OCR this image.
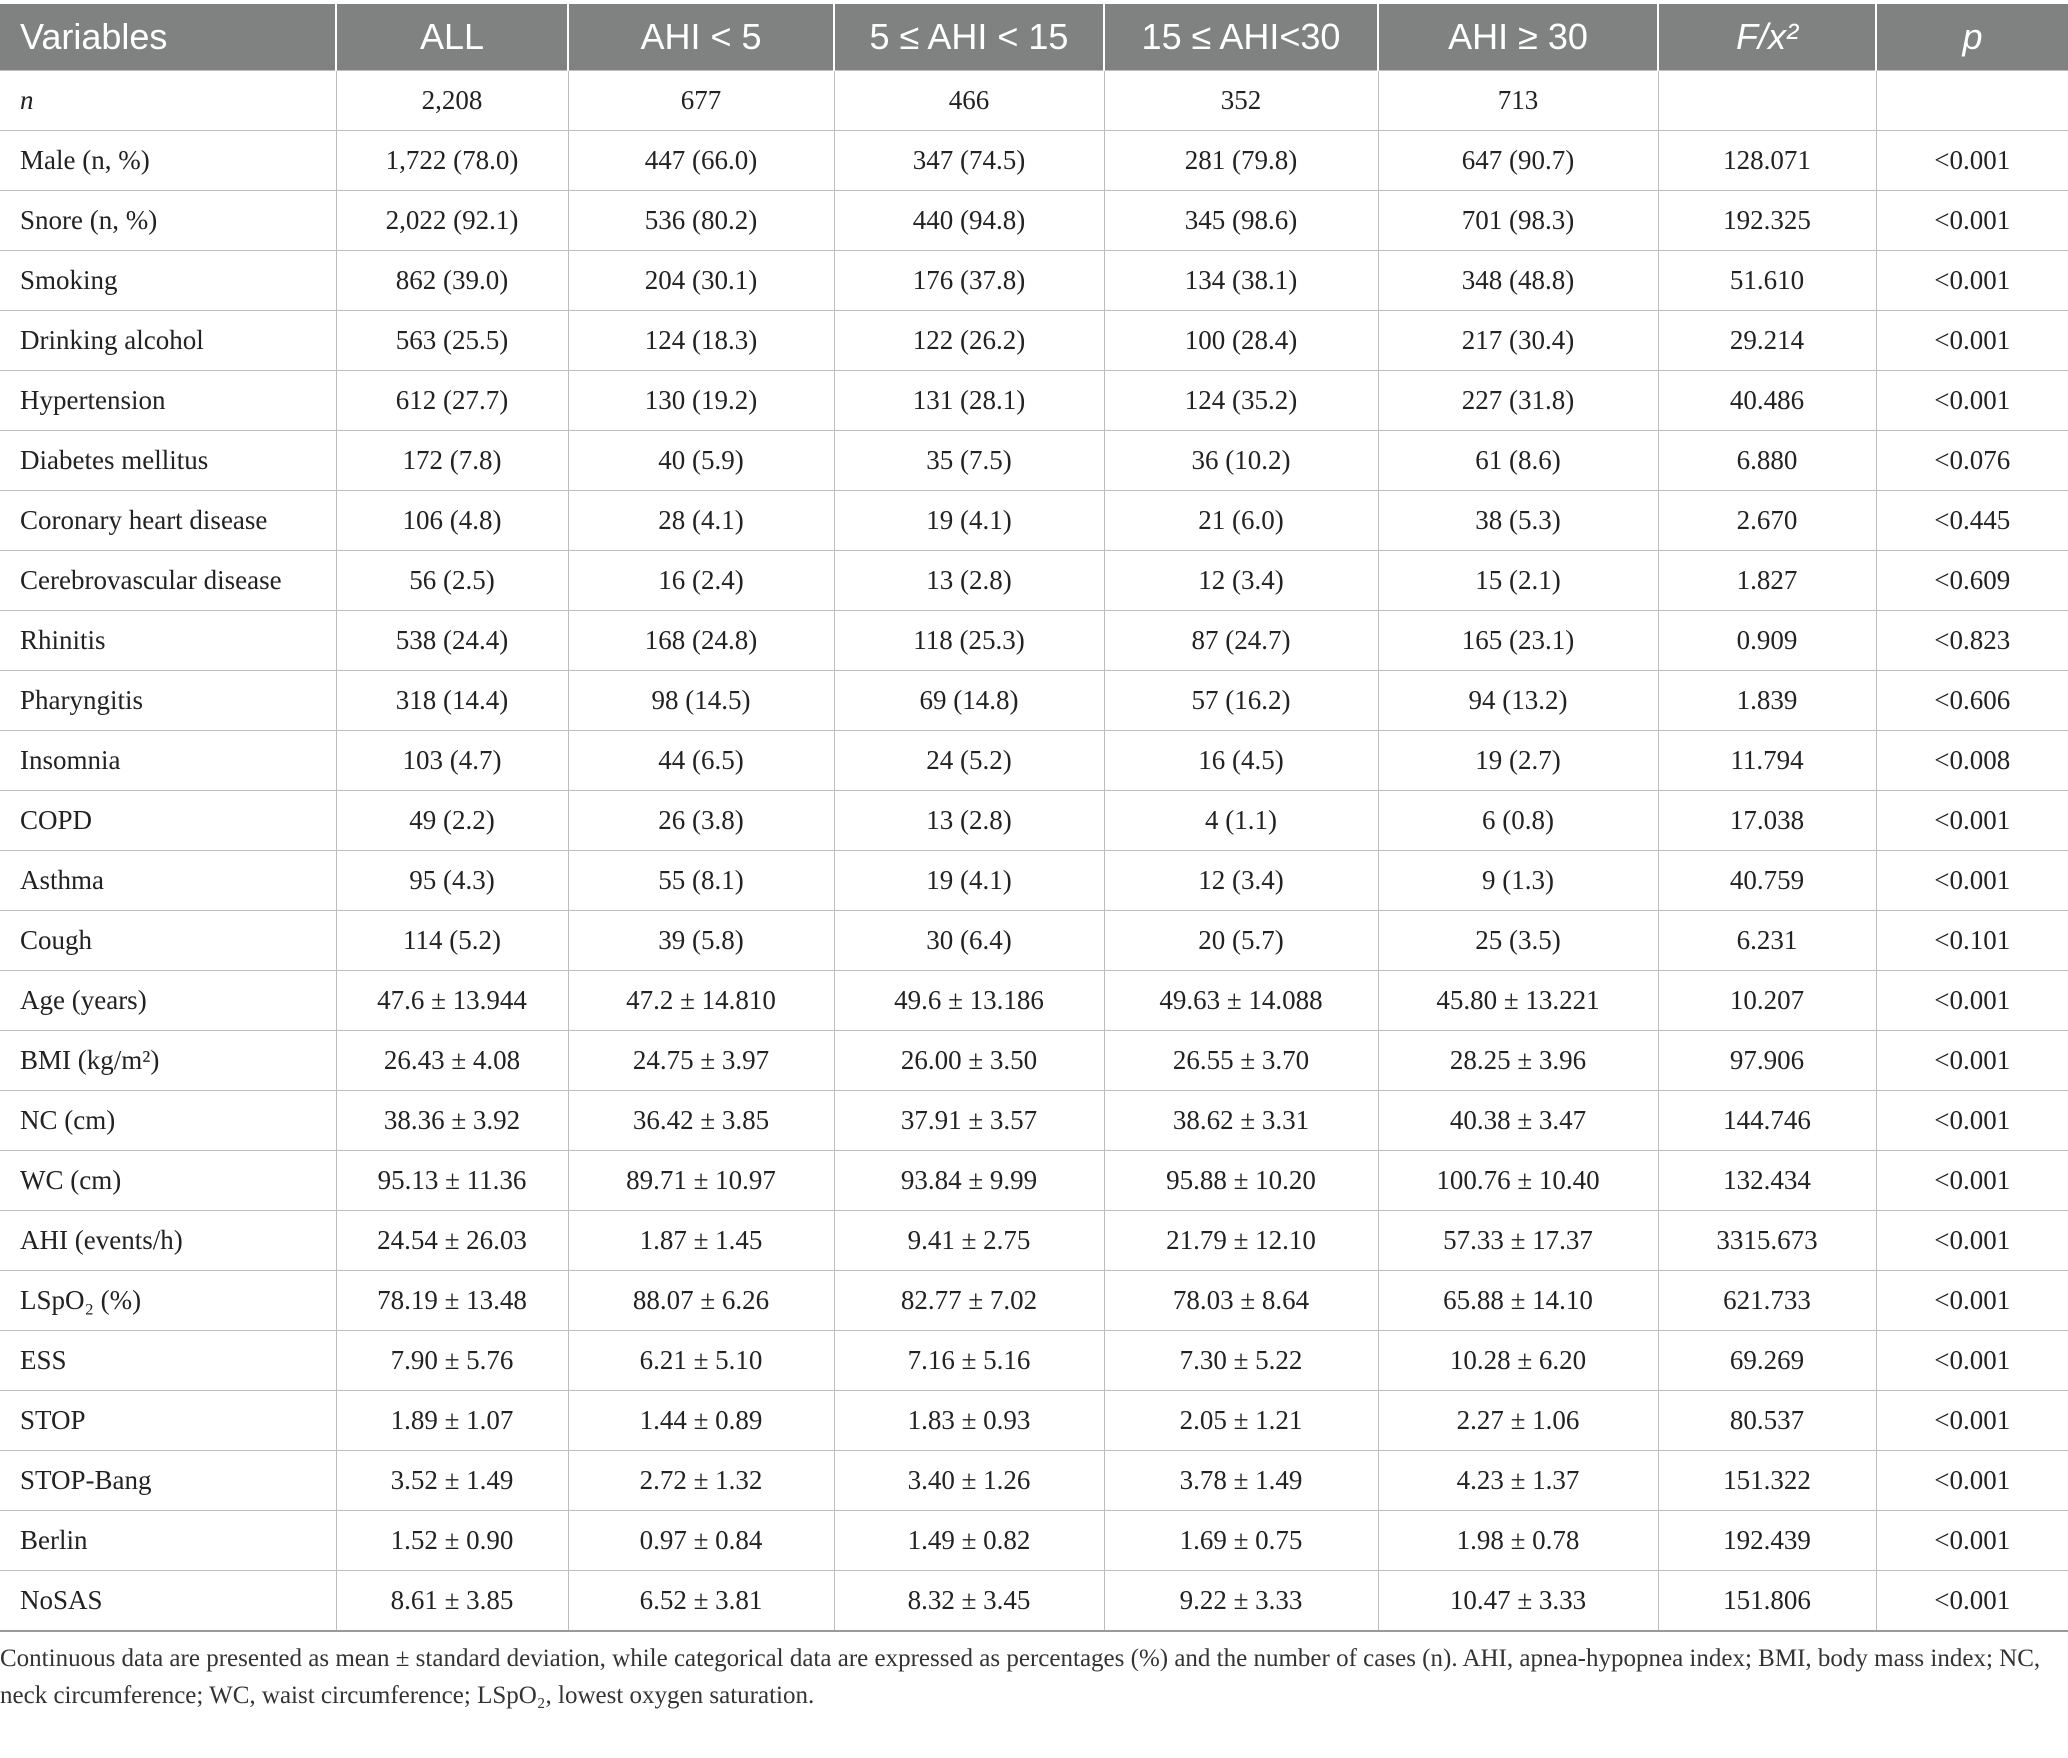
Variables	ALL	AHI < 5	5 ≤ AHI < 15	15 ≤ AHI<30	AHI ≥ 30	F/x²	p
n	2,208	677	466	352	713		
Male (n, %)	1,722 (78.0)	447 (66.0)	347 (74.5)	281 (79.8)	647 (90.7)	128.071	<0.001
Snore (n, %)	2,022 (92.1)	536 (80.2)	440 (94.8)	345 (98.6)	701 (98.3)	192.325	<0.001
Smoking	862 (39.0)	204 (30.1)	176 (37.8)	134 (38.1)	348 (48.8)	51.610	<0.001
Drinking alcohol	563 (25.5)	124 (18.3)	122 (26.2)	100 (28.4)	217 (30.4)	29.214	<0.001
Hypertension	612 (27.7)	130 (19.2)	131 (28.1)	124 (35.2)	227 (31.8)	40.486	<0.001
Diabetes mellitus	172 (7.8)	40 (5.9)	35 (7.5)	36 (10.2)	61 (8.6)	6.880	<0.076
Coronary heart disease	106 (4.8)	28 (4.1)	19 (4.1)	21 (6.0)	38 (5.3)	2.670	<0.445
Cerebrovascular disease	56 (2.5)	16 (2.4)	13 (2.8)	12 (3.4)	15 (2.1)	1.827	<0.609
Rhinitis	538 (24.4)	168 (24.8)	118 (25.3)	87 (24.7)	165 (23.1)	0.909	<0.823
Pharyngitis	318 (14.4)	98 (14.5)	69 (14.8)	57 (16.2)	94 (13.2)	1.839	<0.606
Insomnia	103 (4.7)	44 (6.5)	24 (5.2)	16 (4.5)	19 (2.7)	11.794	<0.008
COPD	49 (2.2)	26 (3.8)	13 (2.8)	4 (1.1)	6 (0.8)	17.038	<0.001
Asthma	95 (4.3)	55 (8.1)	19 (4.1)	12 (3.4)	9 (1.3)	40.759	<0.001
Cough	114 (5.2)	39 (5.8)	30 (6.4)	20 (5.7)	25 (3.5)	6.231	<0.101
Age (years)	47.6 ± 13.944	47.2 ± 14.810	49.6 ± 13.186	49.63 ± 14.088	45.80 ± 13.221	10.207	<0.001
BMI (kg/m²)	26.43 ± 4.08	24.75 ± 3.97	26.00 ± 3.50	26.55 ± 3.70	28.25 ± 3.96	97.906	<0.001
NC (cm)	38.36 ± 3.92	36.42 ± 3.85	37.91 ± 3.57	38.62 ± 3.31	40.38 ± 3.47	144.746	<0.001
WC (cm)	95.13 ± 11.36	89.71 ± 10.97	93.84 ± 9.99	95.88 ± 10.20	100.76 ± 10.40	132.434	<0.001
AHI (events/h)	24.54 ± 26.03	1.87 ± 1.45	9.41 ± 2.75	21.79 ± 12.10	57.33 ± 17.37	3315.673	<0.001
LSpO₂ (%)	78.19 ± 13.48	88.07 ± 6.26	82.77 ± 7.02	78.03 ± 8.64	65.88 ± 14.10	621.733	<0.001
ESS	7.90 ± 5.76	6.21 ± 5.10	7.16 ± 5.16	7.30 ± 5.22	10.28 ± 6.20	69.269	<0.001
STOP	1.89 ± 1.07	1.44 ± 0.89	1.83 ± 0.93	2.05 ± 1.21	2.27 ± 1.06	80.537	<0.001
STOP-Bang	3.52 ± 1.49	2.72 ± 1.32	3.40 ± 1.26	3.78 ± 1.49	4.23 ± 1.37	151.322	<0.001
Berlin	1.52 ± 0.90	0.97 ± 0.84	1.49 ± 0.82	1.69 ± 0.75	1.98 ± 0.78	192.439	<0.001
NoSAS	8.61 ± 3.85	6.52 ± 3.81	8.32 ± 3.45	9.22 ± 3.33	10.47 ± 3.33	151.806	<0.001

Continuous data are presented as mean ± standard deviation, while categorical data are expressed as percentages (%) and the number of cases (n). AHI, apnea-hypopnea index; BMI, body mass index; NC, neck circumference; WC, waist circumference; LSpO₂, lowest oxygen saturation.
